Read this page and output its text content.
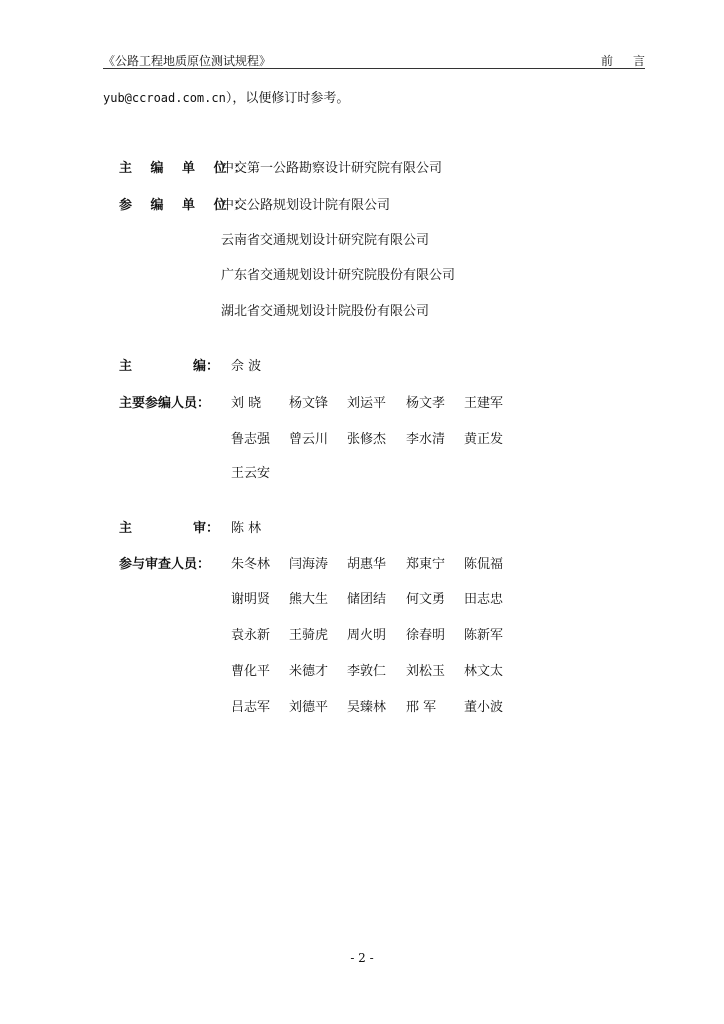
《公路工程地质原位测试规程》	前言
yub@ccroad.com.cn），以便修订时参考。
主 编 单 位：
中交第一公路勘察设计研究院有限公司
参 编 单 位：
中交公路规划设计院有限公司
云南省交通规划设计研究院有限公司
广东省交通规划设计研究院股份有限公司
湖北省交通规划设计院股份有限公司
主	编： 佘 波
主要参编人员： 刘 晓	杨文锋	刘运平	杨文孝	王建军
鲁志强	曾云川	张修杰	李水清	黄正发
王云安
主	审： 陈 林
参与审查人员： 朱冬林	闫海涛	胡惠华	郑東宁	陈侃福
谢明贤	熊大生	储团结	何文勇	田志忠
袁永新	王骑虎	周火明	徐春明	陈新军
曹化平	米德才	李敦仁	刘松玉	林文太
吕志军	刘德平	吴臻林	邢 军	董小波
- 2 -
